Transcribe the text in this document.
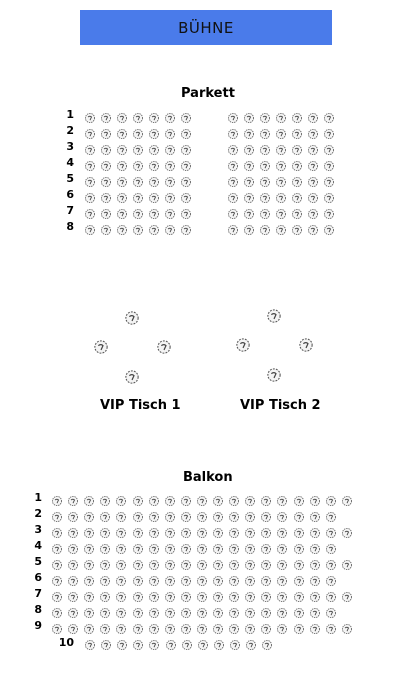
BÜHNE
Parkett
1
2
3
4
5
6
7
8
VIP Tisch 1	VIP Tisch 2
Balkon
1
2
3
4
5
6
7
8
9
10
